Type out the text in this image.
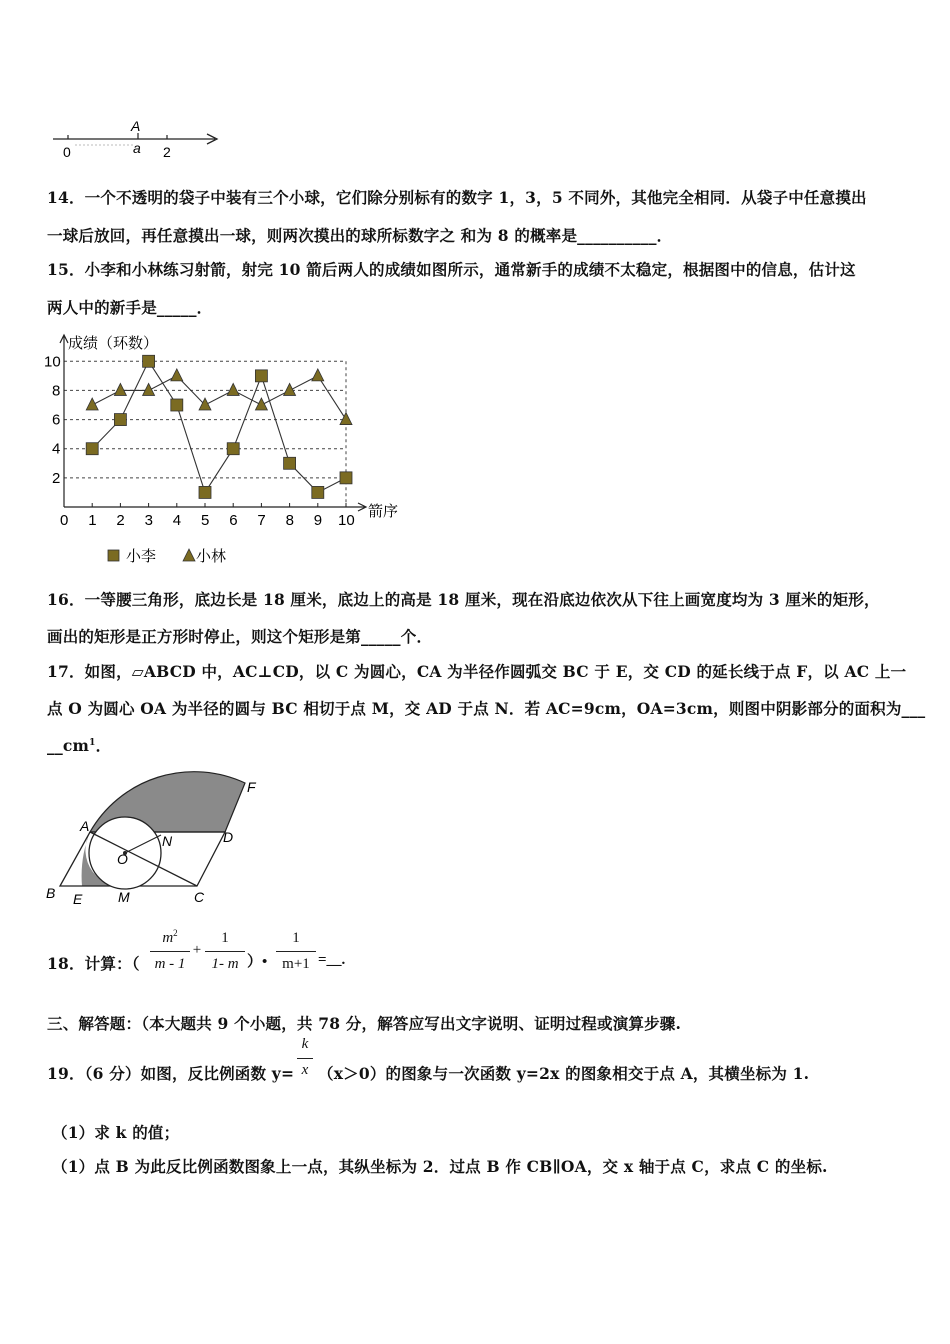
A
0	a 2
14．一个不透明的袋子中装有三个小球，它们除分别标有的数字 1，3，5 不同外，其他完全相同．从袋子中任意摸出
一球后放回，再任意摸出一球，则两次摸出的球所标数字之 和为 8 的概率是__________．
15．小李和小林练习射箭，射完 10 箭后两人的成绩如图所示，通常新手的成绩不太稳定，根据图中的信息，估计这
两人中的新手是_____．
成绩（环数）
箭序
0 1 2 3 4 5 6 7 8 9 10
2
4
6
8
10
小李	小林
16．一等腰三角形，底边长是 18 厘米，底边上的高是 18 厘米，现在沿底边依次从下往上画宽度均为 3 厘米的矩形，
画出的矩形是正方形时停止，则这个矩形是第_____个．
17．如图，▱ABCD 中，AC⊥CD，以 C 为圆心，CA 为半径作圆弧交 BC 于 E，交 CD 的延长线于点 F，以 AC 上一
点 O 为圆心 OA 为半径的圆与 BC 相切于点 M，交 AD 于点 N．若 AC=9cm，OA=3cm，则图中阴影部分的面积为___
$\_\_cm^1$．
A
D
F
N
O
B E	M	C
18．计算：（
$m^2$
m - 1
+
1
1- m ）•
1
m+1 =__.
三、解答题：（本大题共 9 个小题，共 78 分，解答应写出文字说明、证明过程或演算步骤.
19．（6 分）如图，反比例函数 y=
k
x （x＞0）的图象与一次函数 y=2x 的图象相交于点 A，其横坐标为 1.
（1）求 k 的值；
（1）点 B 为此反比例函数图象上一点，其纵坐标为 2．过点 B 作 CB∥OA，交 x 轴于点 C，求点 C 的坐标.
